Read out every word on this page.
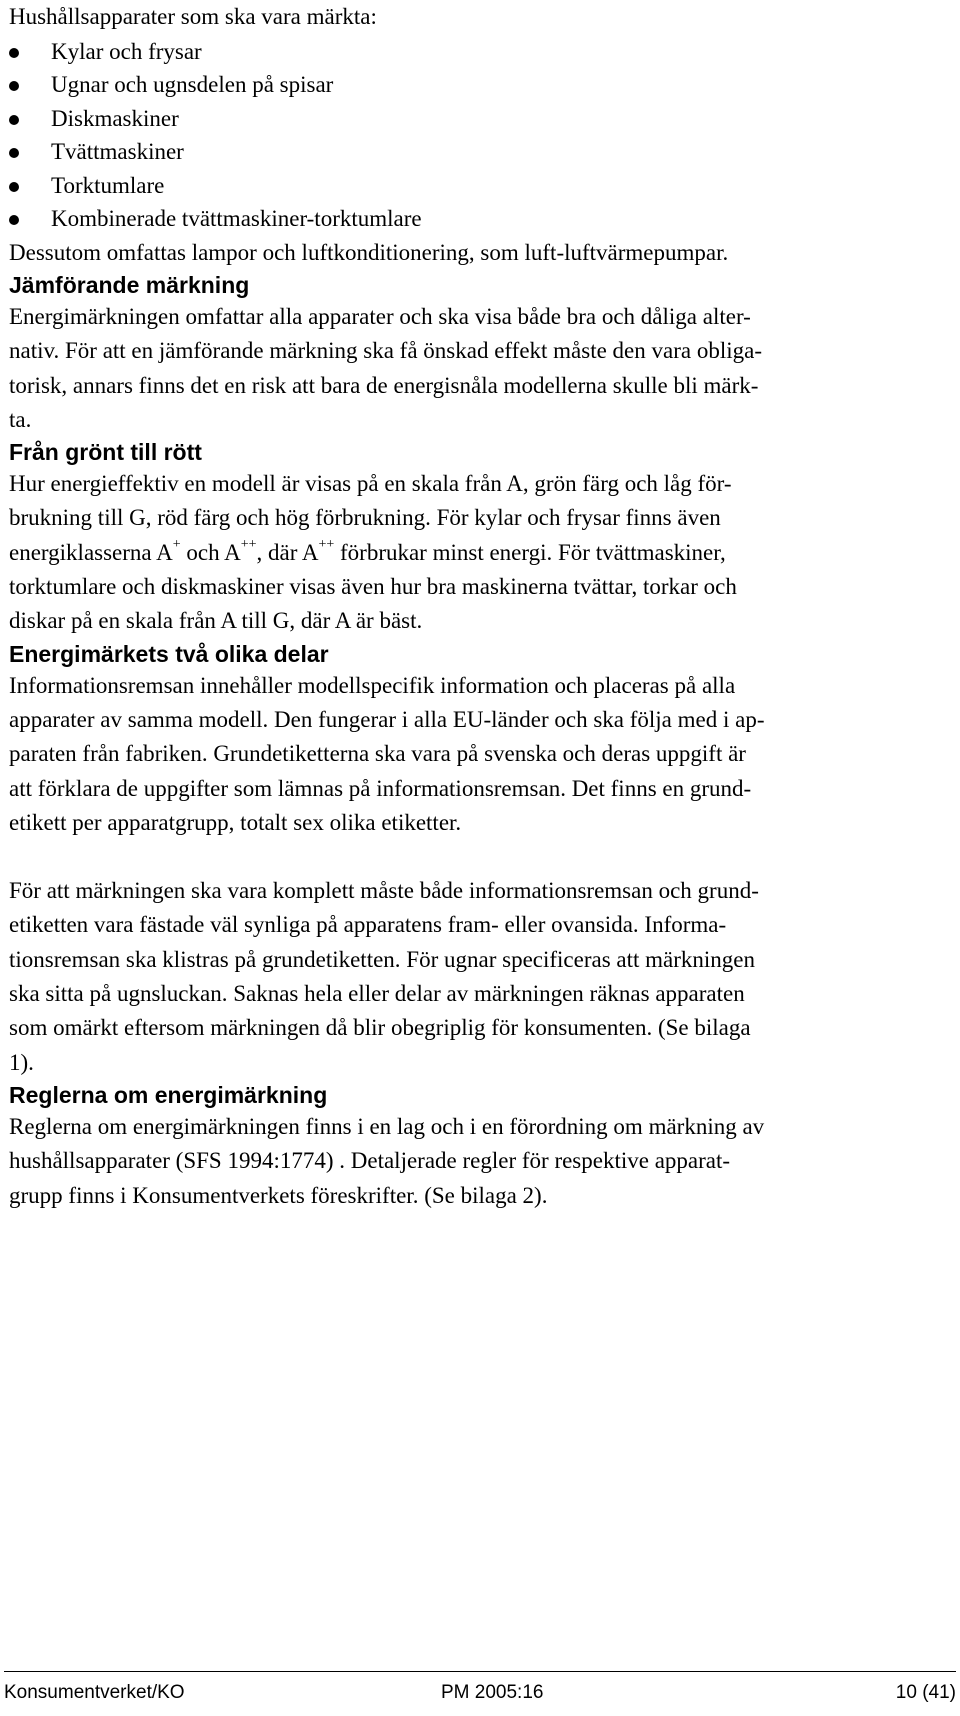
Hushållsapparater som ska vara märkta:
Kylar och frysar
Ugnar och ugnsdelen på spisar
Diskmaskiner
Tvättmaskiner
Torktumlare
Kombinerade tvättmaskiner-torktumlare
Dessutom omfattas lampor och luftkonditionering, som luft-luftvärmepumpar.
Jämförande märkning

Energimärkningen omfattar alla apparater och ska visa både bra och dåliga alter-
nativ. För att en jämförande märkning ska få önskad effekt måste den vara obliga-
torisk, annars finns det en risk att bara de energisnåla modellerna skulle bli märk-
ta.

Från grönt till rött

Hur energieffektiv en modell är visas på en skala från A, grön färg och låg för-
brukning till G, röd färg och hög förbrukning. För kylar och frysar finns även
energiklasserna A+ och A++, där A++ förbrukar minst energi. För tvättmaskiner,
torktumlare och diskmaskiner visas även hur bra maskinerna tvättar, torkar och
diskar på en skala från A till G, där A är bäst.

Energimärkets två olika delar

Informationsremsan innehåller modellspecifik information och placeras på alla
apparater av samma modell. Den fungerar i alla EU-länder och ska följa med i ap-
paraten från fabriken. Grundetiketterna ska vara på svenska och deras uppgift är
att förklara de uppgifter som lämnas på informationsremsan. Det finns en grund-
etikett per apparatgrupp, totalt sex olika etiketter.

För att märkningen ska vara komplett måste både informationsremsan och grund-
etiketten vara fästade väl synliga på apparatens fram- eller ovansida. Informa-
tionsremsan ska klistras på grundetiketten. För ugnar specificeras att märkningen
ska sitta på ugnsluckan. Saknas hela eller delar av märkningen räknas apparaten
som omärkt eftersom märkningen då blir obegriplig för konsumenten. (Se bilaga
1).

Reglerna om energimärkning

Reglerna om energimärkningen finns i en lag och i en förordning om märkning av
hushållsapparater (SFS 1994:1774) . Detaljerade regler för respektive apparat-
grupp finns i Konsumentverkets föreskrifter. (Se bilaga 2).

Konsumentverket/KO	PM 2005:16	10 (41)
